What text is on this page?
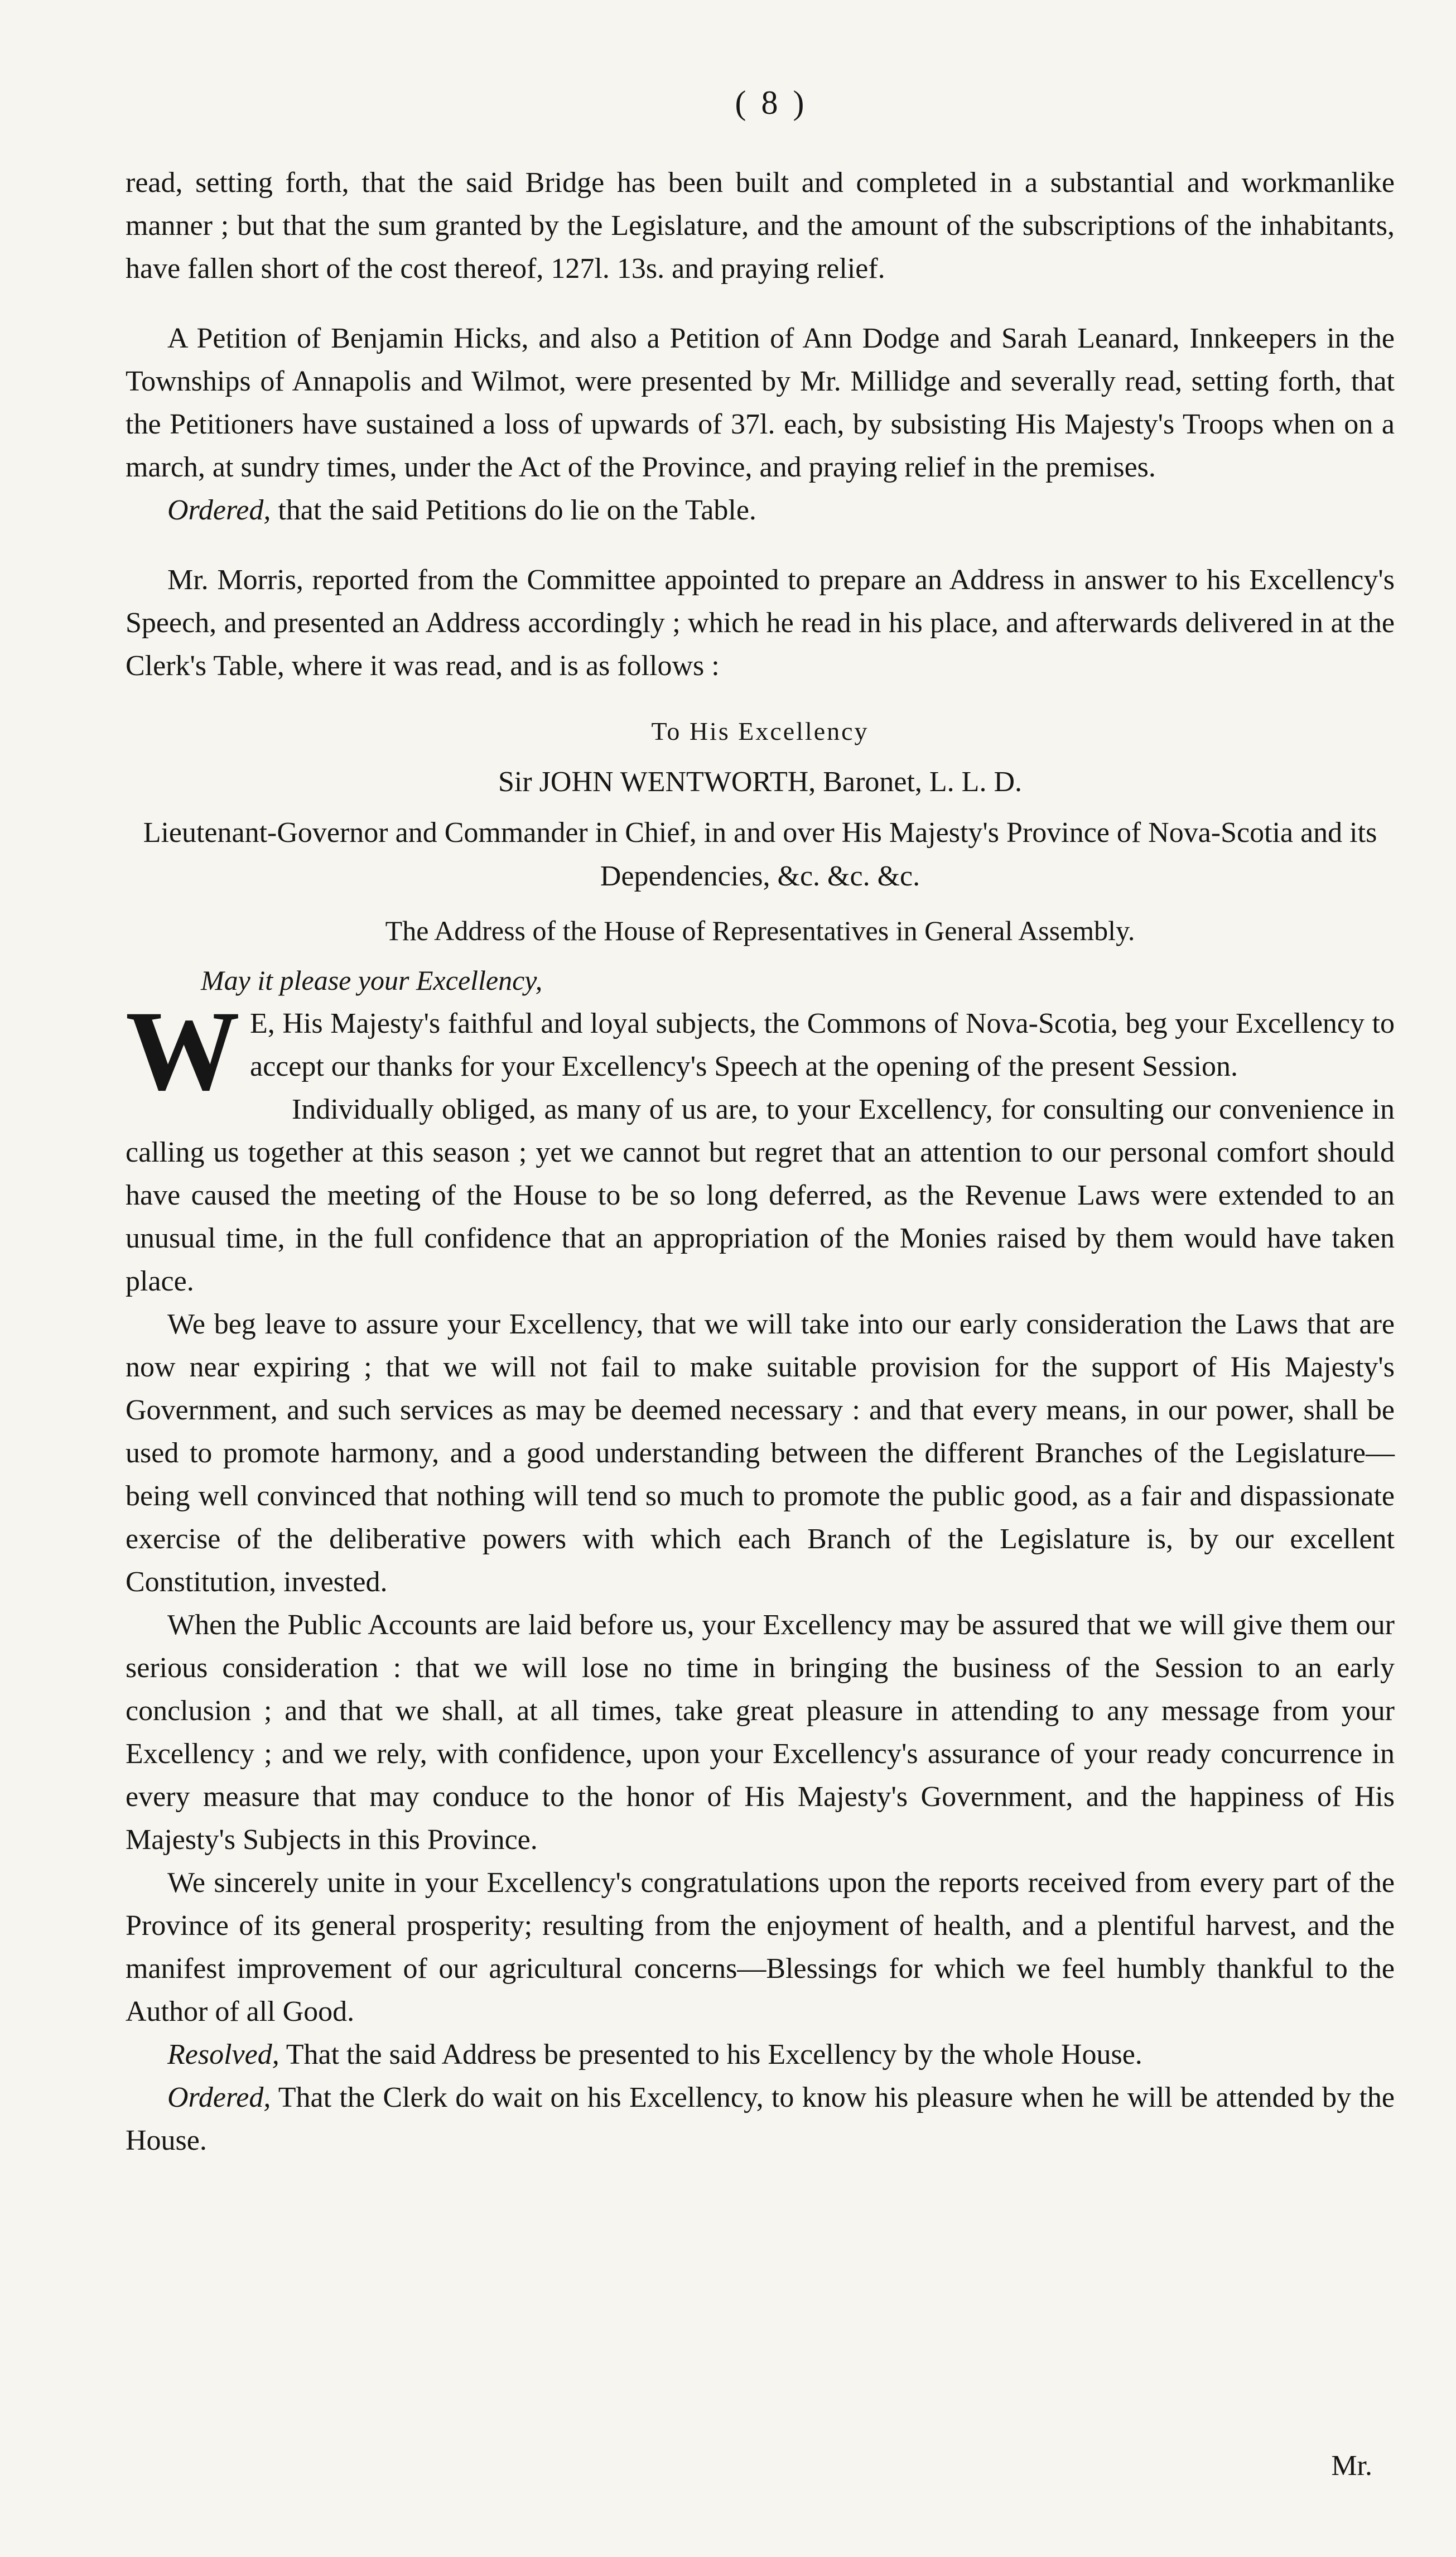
( 8 )

read, setting forth, that the said Bridge has been built and completed in a substantial and workmanlike manner ; but that the sum granted by the Legislature, and the amount of the subscriptions of the inhabitants, have fallen short of the cost thereof, 127l. 13s. and praying relief.

A Petition of Benjamin Hicks, and also a Petition of Ann Dodge and Sarah Leanard, Innkeepers in the Townships of Annapolis and Wilmot, were presented by Mr. Millidge and severally read, setting forth, that the Petitioners have sustained a loss of upwards of 37l. each, by subsisting His Majesty's Troops when on a march, at sundry times, under the Act of the Province, and praying relief in the premises.

Ordered, that the said Petitions do lie on the Table.

Mr. Morris, reported from the Committee appointed to prepare an Address in answer to his Excellency's Speech, and presented an Address accordingly ; which he read in his place, and afterwards delivered in at the Clerk's Table, where it was read, and is as follows :

To His Excellency

Sir JOHN WENTWORTH, Baronet, L. L. D.

Lieutenant-Governor and Commander in Chief, in and over His Majesty's Province of Nova-Scotia and its Dependencies, &c. &c. &c.

The Address of the House of Representatives in General Assembly.

May it please your Excellency,

W E, His Majesty's faithful and loyal subjects, the Commons of Nova-Scotia, beg your Excellency to accept our thanks for your Excellency's Speech at the opening of the present Session.

Individually obliged, as many of us are, to your Excellency, for consulting our convenience in calling us together at this season ; yet we cannot but regret that an attention to our personal comfort should have caused the meeting of the House to be so long deferred, as the Revenue Laws were extended to an unusual time, in the full confidence that an appropriation of the Monies raised by them would have taken place.

We beg leave to assure your Excellency, that we will take into our early consideration the Laws that are now near expiring ; that we will not fail to make suitable provision for the support of His Majesty's Government, and such services as may be deemed necessary : and that every means, in our power, shall be used to promote harmony, and a good understanding between the different Branches of the Legislature—being well convinced that nothing will tend so much to promote the public good, as a fair and dispassionate exercise of the deliberative powers with which each Branch of the Legislature is, by our excellent Constitution, invested.

When the Public Accounts are laid before us, your Excellency may be assured that we will give them our serious consideration : that we will lose no time in bringing the business of the Session to an early conclusion ; and that we shall, at all times, take great pleasure in attending to any message from your Excellency ; and we rely, with confidence, upon your Excellency's assurance of your ready concurrence in every measure that may conduce to the honor of His Majesty's Government, and the happiness of His Majesty's Subjects in this Province.

We sincerely unite in your Excellency's congratulations upon the reports received from every part of the Province of its general prosperity; resulting from the enjoyment of health, and a plentiful harvest, and the manifest improvement of our agricultural concerns—Blessings for which we feel humbly thankful to the Author of all Good.

Resolved, That the said Address be presented to his Excellency by the whole House.

Ordered, That the Clerk do wait on his Excellency, to know his pleasure when he will be attended by the House.

Mr.
